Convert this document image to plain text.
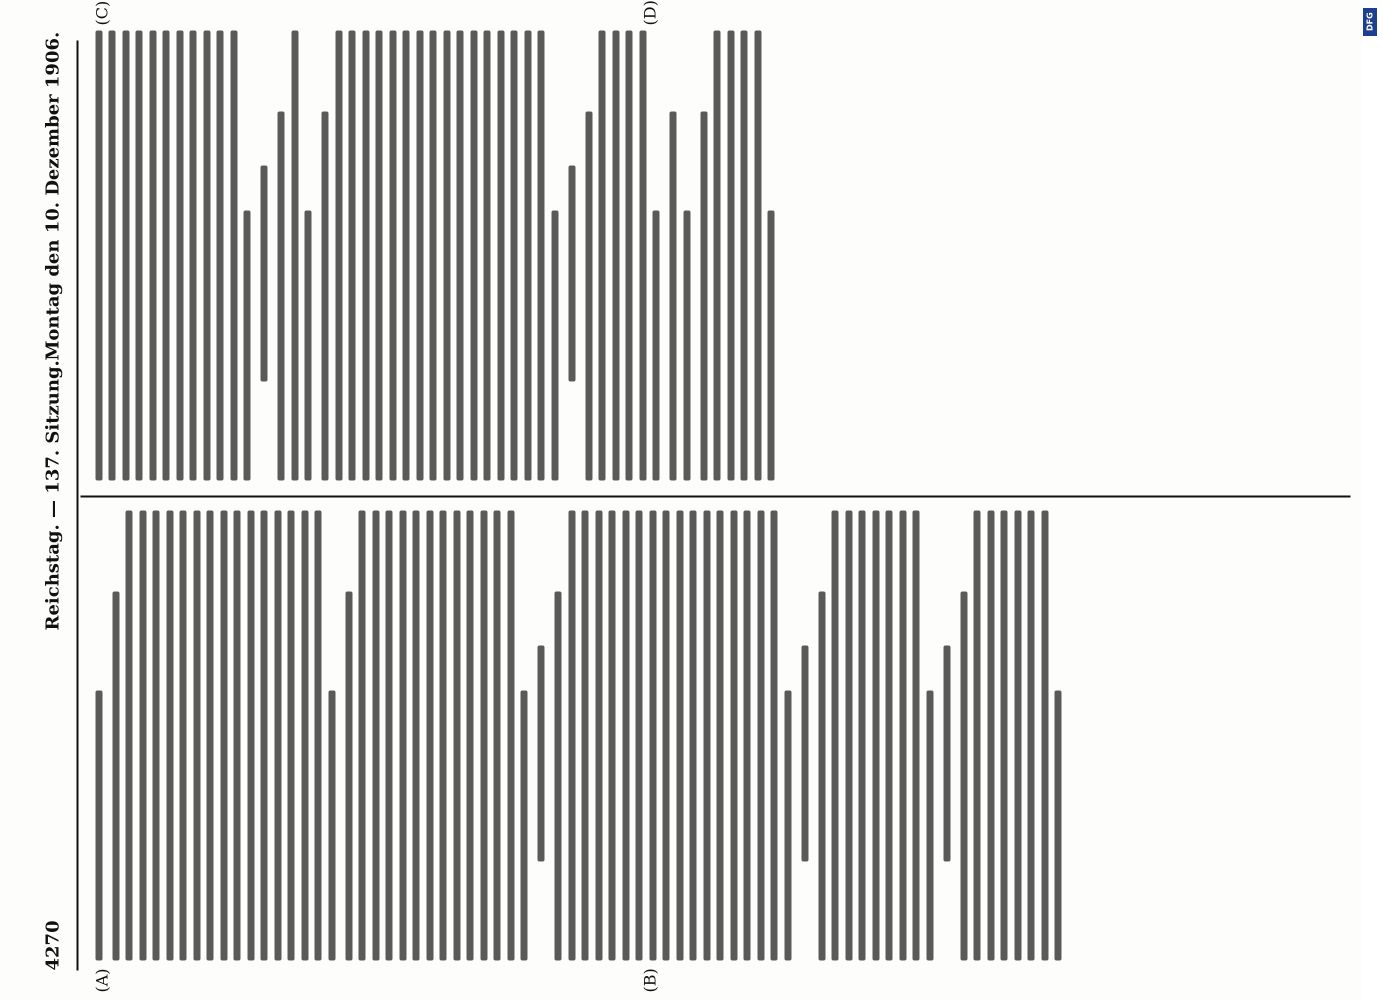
4270
Reichstag. — 137. Sitzung.
Montag den 10. Dezember 1906.
(A)	(B)
(C)	(D)	DFG
